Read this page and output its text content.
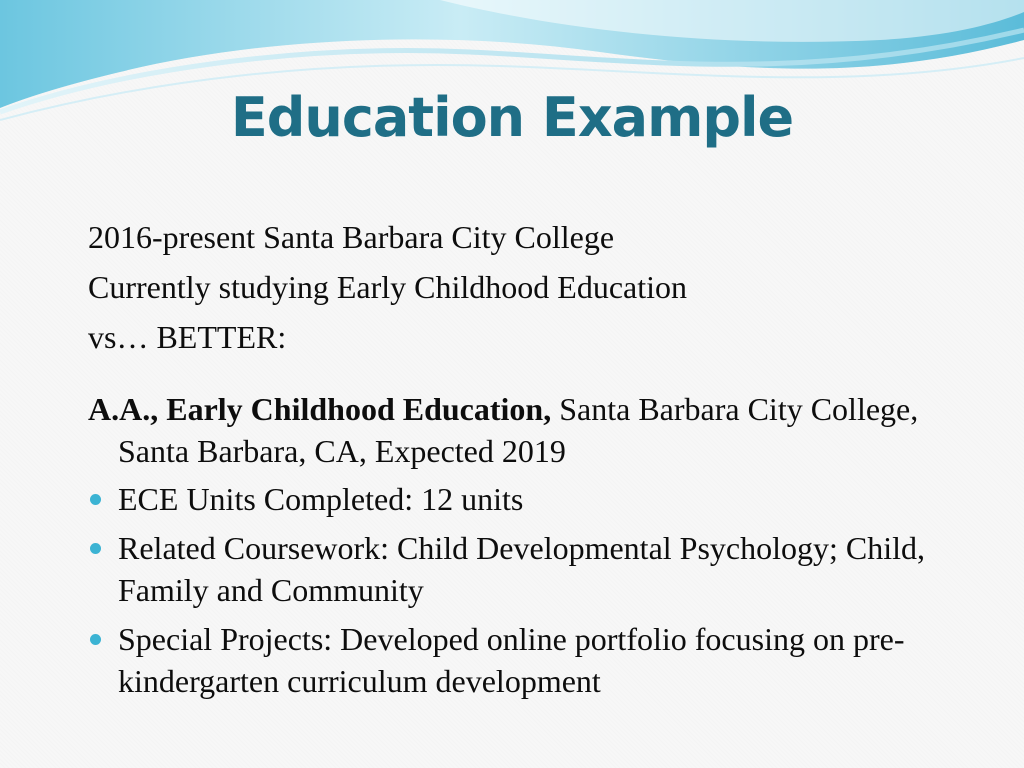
Education Example
2016-present Santa Barbara City College
Currently studying Early Childhood Education
vs… BETTER:
A.A., Early Childhood Education, Santa Barbara City College, Santa Barbara, CA, Expected 2019
ECE Units Completed: 12 units
Related Coursework: Child Developmental Psychology; Child, Family and Community
Special Projects: Developed online portfolio focusing on pre-kindergarten curriculum development
